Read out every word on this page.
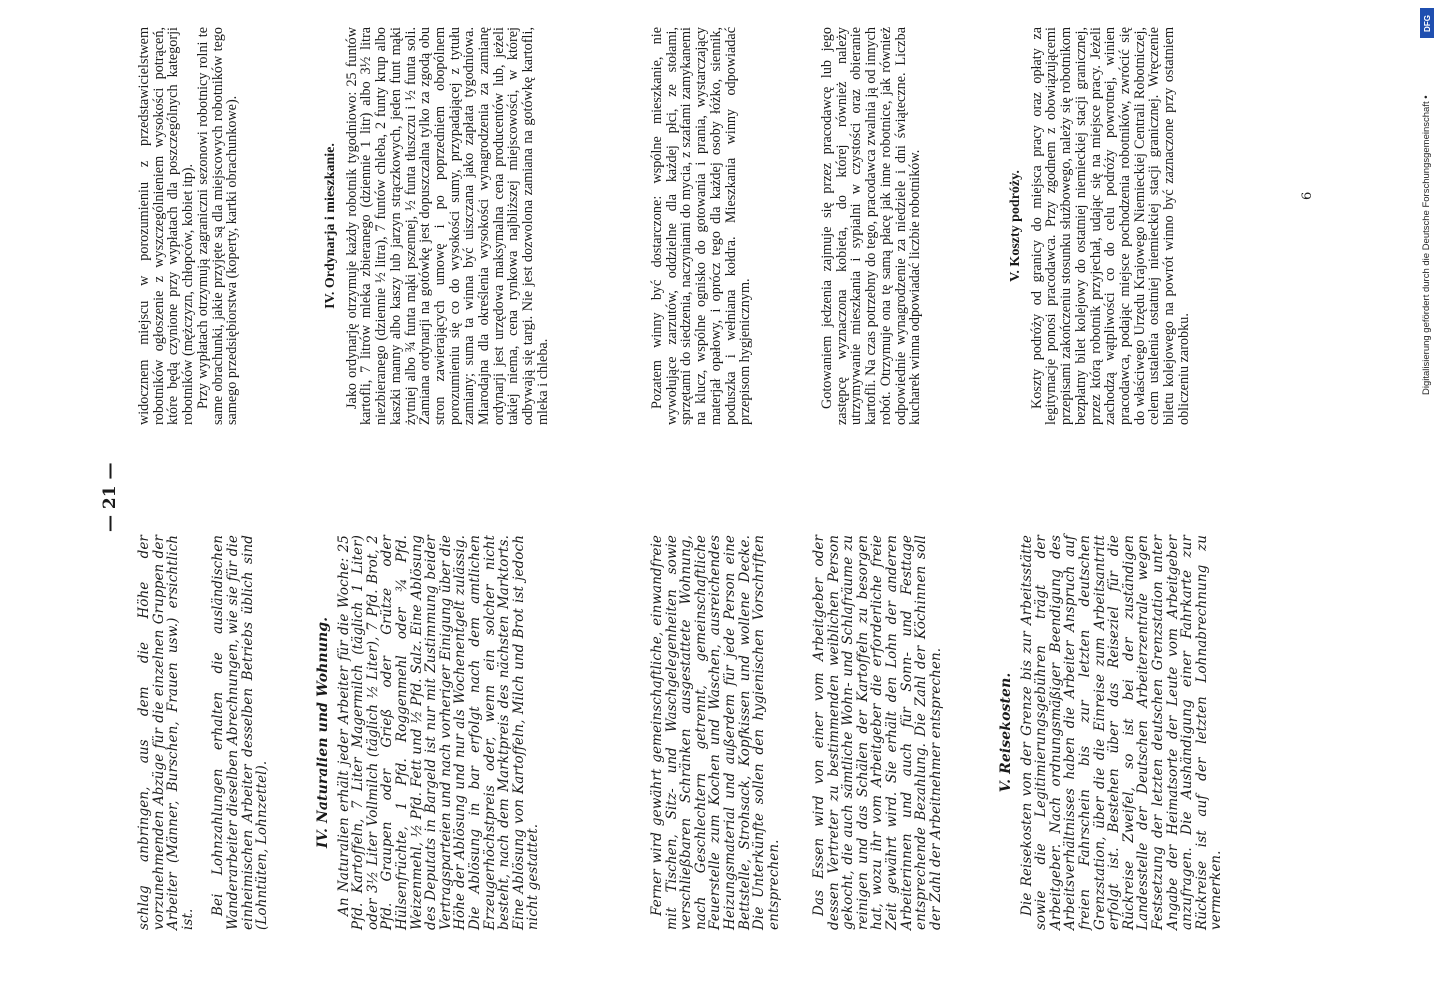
— 21 —

schlag anbringen, aus dem die Höhe der vorzunehmenden Abzüge für die einzelnen Gruppen der Arbeiter (Männer, Burschen, Frauen usw.) ersichtlich ist.

Bei Lohnzahlungen erhalten die ausländischen Wanderarbeiter dieselben Abrechnungen, wie sie für die einheimischen Arbeiter desselben Betriebs üblich sind (Lohntüten, Lohnzettel).	IV. Naturalien und Wohnung. An Naturalien erhält jeder Arbeiter für die Woche: 25 Pfd. Kartoffeln, 7 Liter Magermilch (täglich 1 Liter) oder 3½ Liter Vollmilch (täglich ½ Liter), 7 Pfd. Brot, 2 Pfd. Graupen oder Grieß oder Grütze oder Hülsenfrüchte, 1 Pfd. Roggenmehl oder ¾ Pfd. Weizenmehl, ½ Pfd. Fett und ½ Pfd. Salz. Eine Ablösung des Deputats in Bargeld ist nur mit Zustimmung beider Vertragsparteien und nach vorheriger Einigung über die Höhe der Ablösung und nur als Wochenentgelt zulässig. Die Ablösung in bar erfolgt nach dem amtlichen Erzeugerhöchstpreis oder, wenn ein solcher nicht besteht, nach dem Marktpreis des nächsten Marktorts. Eine Ablösung von Kartoffeln, Milch und Brot ist jedoch nicht gestattet.	Ferner wird gewährt gemeinschaftliche, einwandfreie mit Tischen, Sitz- und Waschgelegenheiten sowie verschließbaren Schränken ausgestattete Wohnung, nach Geschlechtern getrennt, gemeinschaftliche Feuerstelle zum Kochen und Waschen, ausreichendes Heizungsmaterial und außerdem für jede Person eine Bettstelle, Strohsack, Kopfkissen und wollene Decke. Die Unterkünfte sollen den hygienischen Vorschriften entsprechen. Das Essen wird von einer vom Arbeitgeber oder dessen Vertreter zu bestimmenden weiblichen Person gekocht, die auch sämtliche Wohn- und Schlafräume zu reinigen und das Schälen der Kartoffeln zu besorgen hat, wozu ihr vom Arbeitgeber die erforderliche freie Zeit gewährt wird. Sie erhält den Lohn der anderen Arbeiterinnen und auch für Sonn- und Festtage entsprechende Bezahlung. Die Zahl der Köchinnen soll der Zahl der Arbeitnehmer entsprechen.	V. Reisekosten. Die Reisekosten von der Grenze bis zur Arbeitsstätte sowie die Legitimierungsgebühren trägt der Arbeitgeber. Nach ordnungsmäßiger Beendigung des Arbeitsverhältnisses haben die Arbeiter Anspruch auf freien Fahrschein bis zur letzten deutschen Grenzstation, über die die Einreise zum Arbeitsantritt erfolgt ist. Bestehen über das Reiseziel für die Rückreise Zweifel, so ist bei der zuständigen Landesstelle der Deutschen Arbeiterzentrale wegen Festsetzung der letzten deutschen Grenzstation unter Angabe der Heimatsorte der Leute vom Arbeitgeber anzufragen. Die Aushändigung einer Fahrkarte zur Rückreise ist auf der letzten Lohnabrechnung zu vermerken.

widocznem miejscu w porozumieniu z przedstawicielstwem robotników ogłoszenie z wyszczególnieniem wysokości potrąceń, które będą czynione przy wypłatach dla poszczególnych kategorji robotników (mężczyzn, chłopców, kobiet itp).

Przy wypłatach otrzymują zagraniczni sezonowi robotnicy rolni te same obrachunki, jakie przyjęte są dla miejscowych robotników tego samego przedsiębiorstwa (koperty, kartki obrachunkowe).	IV. Ordynarja i mieszkanie. Jako ordynarję otrzymuje każdy robotnik tygodniowo: 25 funtów kartofli, 7 litrów mleka zbieranego (dziennie 1 litr) albo 3½ litra niezbieranego (dziennie ½ litra), 7 funtów chleba, 2 funty krup albo kaszki manny albo kaszy lub jarzyn strączkowych, jeden funt mąki żytniej albo ¾ funta mąki pszennej, ½ funta tłuszczu i ½ funta soli. Zamiana ordynarji na gotówkę jest dopuszczalna tylko za zgodą obu stron zawierających umowę i po poprzedniem obopólnem porozumieniu się co do wysokości sumy, przypadającej z tytułu zamiany; suma ta winna być uiszczana jako zapłata tygodniowa. Miarodajna dla określenia wysokości wynagrodzenia za zamianę ordynarji jest urzędowa maksymalna cena producentów lub, jeżeli takiej niema, cena rynkowa najbliższej miejscowości, w której odbywają się targi. Nie jest dozwolona zamiana na gotówkę kartofli, mleka i chleba.	Pozatem winny być dostarczone: wspólne mieszkanie, nie wywołujące zarzutów, oddzielne dla każdej płci, ze stołami, sprzętami do siedzenia, naczyniami do mycia, z szafami zamykanemi na klucz, wspólne ognisko do gotowania i prania, wystarczający materjał opałowy, i oprócz tego dla każdej osoby łóżko, siennik, poduszka i wełniana kołdra. Mieszkania winny odpowiadać przepisom hygjenicznym.	Gotowaniem jedzenia zajmuje się przez pracodawcę lub jego zastępcę wyznaczona kobieta, do której również należy utrzymywanie mieszkania i sypialni w czystości oraz obieranie kartofli. Na czas potrzebny do tego, pracodawca zwalnia ją od innych robót. Otrzymuje ona tę samą płacę jak inne robotnice, jak również odpowiednie wynagrodzenie za niedziele i dni świąteczne. Liczba kucharek winna odpowiadać liczbie robotników.	V. Koszty podróży. Koszty podróży od granicy do miejsca pracy oraz opłaty za legitymacje ponosi pracodawca. Przy zgodnem z obowiązującemi przepisami zakończeniu stosunku służbowego, należy się robotnikom bezpłatny bilet kolejowy do ostatniej niemieckiej stacji granicznej, przez którą robotnik przyjechał, udając się na miejsce pracy. Jeżeli zachodzą wątpliwości co do celu podróży powrotnej, winien pracodawca, podając miejsce pochodzenia robotników, zwrócić się do właściwego Urzędu Krajowego Niemieckiej Centrali Robotniczej, celem ustalenia ostatniej niemieckiej stacji granicznej. Wręczenie biletu kolejowego na powrót winno być zaznaczone przy ostatniem obliczeniu zarobku.

6
DFG
Digitalisierung gefördert durch die Deutsche Forschungsgemeinschaft •
